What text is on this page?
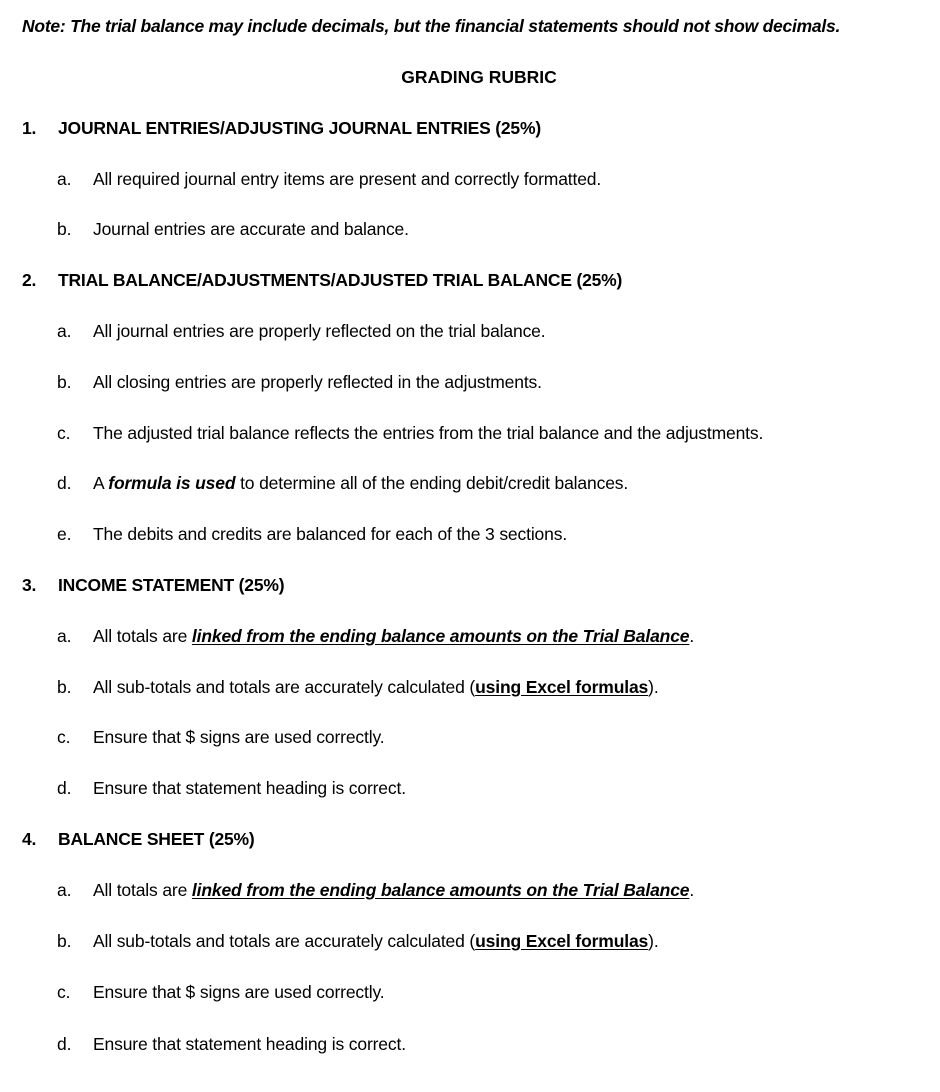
Note: The trial balance may include decimals, but the financial statements should not show decimals.
GRADING RUBRIC
1. JOURNAL ENTRIES/ADJUSTING JOURNAL ENTRIES (25%)
a. All required journal entry items are present and correctly formatted.
b. Journal entries are accurate and balance.
2. TRIAL BALANCE/ADJUSTMENTS/ADJUSTED TRIAL BALANCE (25%)
a. All journal entries are properly reflected on the trial balance.
b. All closing entries are properly reflected in the adjustments.
c. The adjusted trial balance reflects the entries from the trial balance and the adjustments.
d. A formula is used to determine all of the ending debit/credit balances.
e. The debits and credits are balanced for each of the 3 sections.
3. INCOME STATEMENT (25%)
a. All totals are linked from the ending balance amounts on the Trial Balance.
b. All sub-totals and totals are accurately calculated (using Excel formulas).
c. Ensure that $ signs are used correctly.
d. Ensure that statement heading is correct.
4. BALANCE SHEET (25%)
a. All totals are linked from the ending balance amounts on the Trial Balance.
b. All sub-totals and totals are accurately calculated (using Excel formulas).
c. Ensure that $ signs are used correctly.
d. Ensure that statement heading is correct.
